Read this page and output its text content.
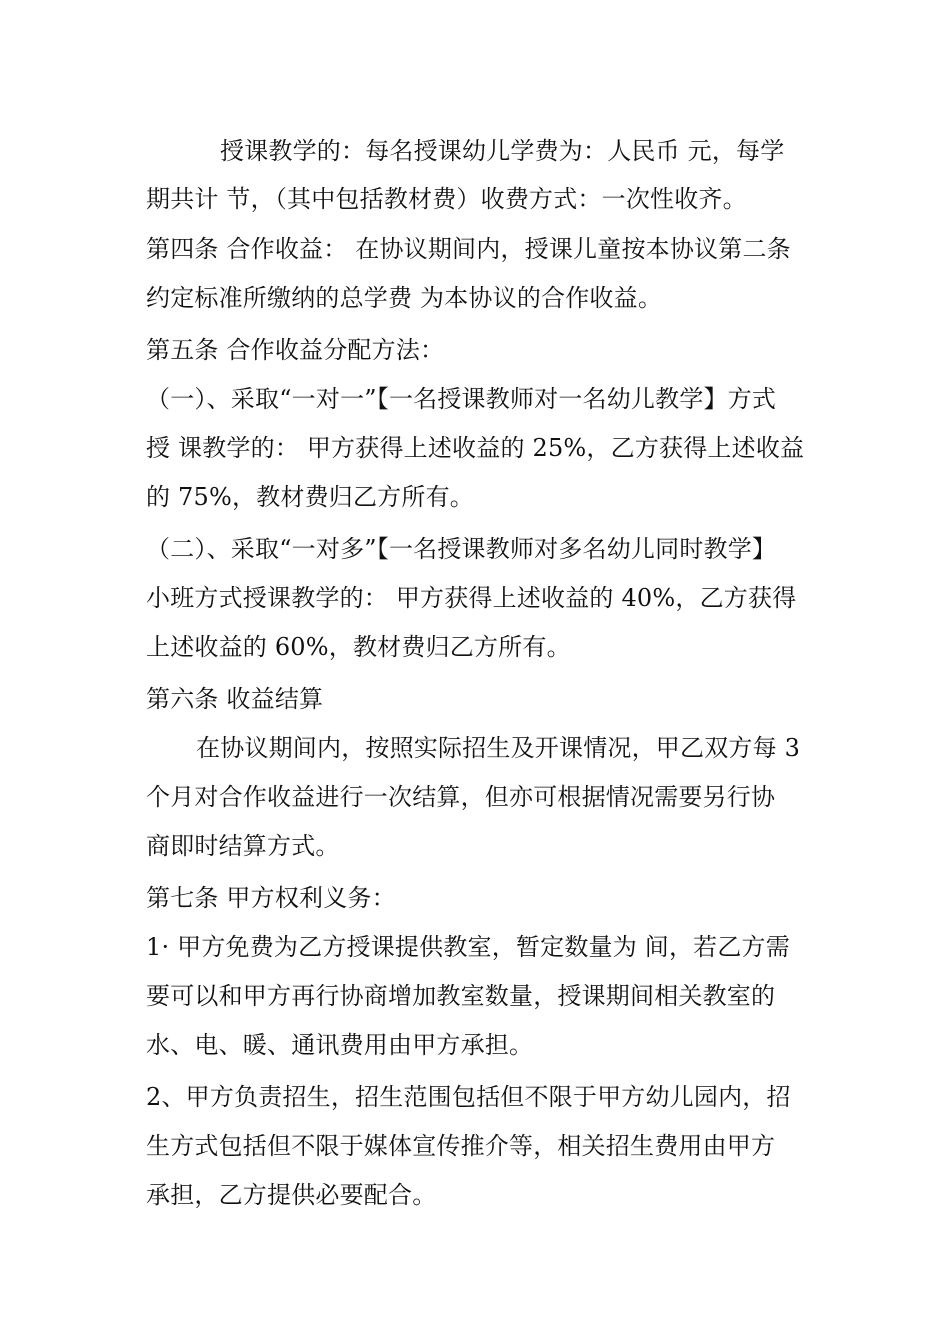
授课教学的：每名授课幼儿学费为：人民币 元，每学
期共计 节，（其中包括教材费）收费方式：一次性收齐。
第四条 合作收益： 在协议期间内，授课儿童按本协议第二条
约定标准所缴纳的总学费 为本协议的合作收益。
第五条 合作收益分配方法：
（一）、采取“一对一”【一名授课教师对一名幼儿教学】方式
授 课教学的： 甲方获得上述收益的 25%，乙方获得上述收益
的 75%，教材费归乙方所有。
（二）、采取“一对多”【一名授课教师对多名幼儿同时教学】
小班方式授课教学的： 甲方获得上述收益的 40%，乙方获得
上述收益的 60%，教材费归乙方所有。
第六条 收益结算
在协议期间内，按照实际招生及开课情况，甲乙双方每 3
个月对合作收益进行一次结算，但亦可根据情况需要另行协
商即时结算方式。
第七条 甲方权利义务：
1· 甲方免费为乙方授课提供教室，暂定数量为 间，若乙方需
要可以和甲方再行协商增加教室数量，授课期间相关教室的
水、电、暖、通讯费用由甲方承担。
2、甲方负责招生，招生范围包括但不限于甲方幼儿园内，招
生方式包括但不限于媒体宣传推介等，相关招生费用由甲方
承担，乙方提供必要配合。
